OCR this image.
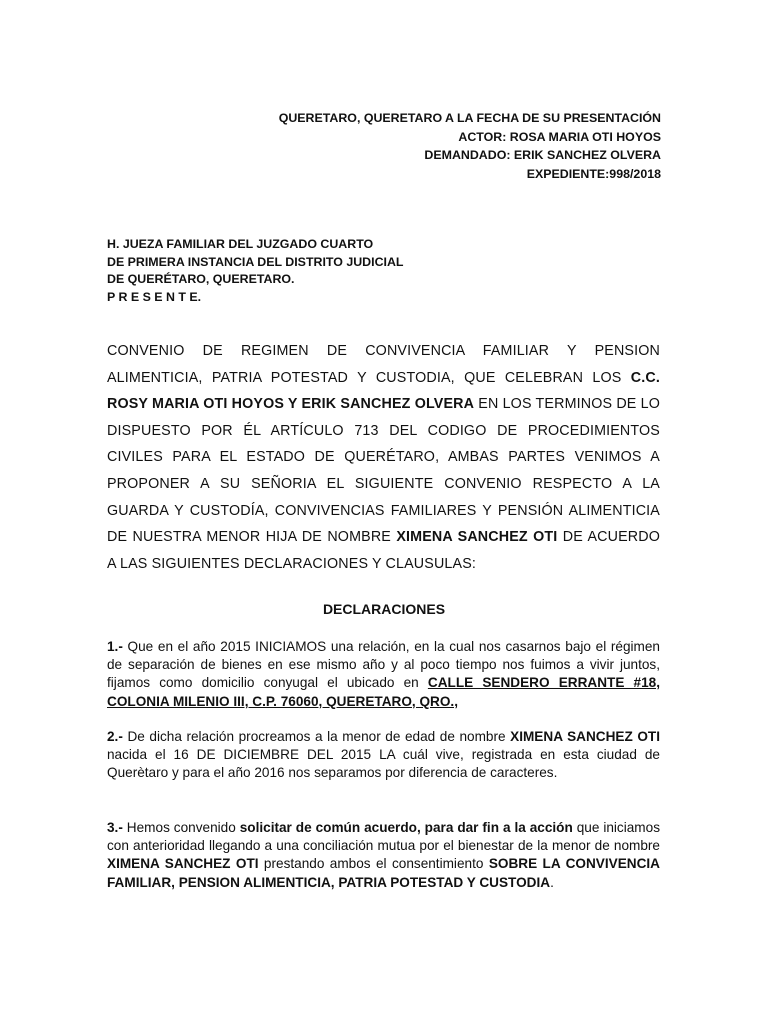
QUERETARO, QUERETARO A LA FECHA DE SU PRESENTACIÓN
ACTOR: ROSA MARIA OTI HOYOS
DEMANDADO: ERIK SANCHEZ OLVERA
EXPEDIENTE:998/2018
H. JUEZA FAMILIAR DEL JUZGADO CUARTO
DE PRIMERA INSTANCIA DEL DISTRITO JUDICIAL
DE QUERÉTARO, QUERETARO.
P R E S E N T E.
CONVENIO DE REGIMEN DE CONVIVENCIA FAMILIAR Y PENSION ALIMENTICIA, PATRIA POTESTAD Y CUSTODIA, QUE CELEBRAN LOS C.C. ROSY MARIA OTI HOYOS Y ERIK SANCHEZ OLVERA EN LOS TERMINOS DE LO DISPUESTO POR ÉL ARTÍCULO 713 DEL CODIGO DE PROCEDIMIENTOS CIVILES PARA EL ESTADO DE QUERÉTARO, AMBAS PARTES VENIMOS A PROPONER A SU SEÑORIA EL SIGUIENTE CONVENIO RESPECTO A LA GUARDA Y CUSTODÍA, CONVIVENCIAS FAMILIARES Y PENSIÓN ALIMENTICIA DE NUESTRA MENOR HIJA DE NOMBRE XIMENA SANCHEZ OTI DE ACUERDO A LAS SIGUIENTES DECLARACIONES Y CLAUSULAS:
DECLARACIONES
1.- Que en el año 2015 INICIAMOS una relación, en la cual nos casarnos bajo el régimen de separación de bienes en ese mismo año y al poco tiempo nos fuimos a vivir juntos, fijamos como domicilio conyugal el ubicado en CALLE SENDERO ERRANTE #18, COLONIA MILENIO III, C.P. 76060, QUERETARO, QRO.,
2.- De dicha relación procreamos a la menor de edad de nombre XIMENA SANCHEZ OTI nacida el 16 DE DICIEMBRE DEL 2015 LA cuál vive, registrada en esta ciudad de Querètaro y para el año 2016 nos separamos por diferencia de caracteres.
3.- Hemos convenido solicitar de común acuerdo, para dar fin a la acción que iniciamos con anterioridad llegando a una conciliación mutua por el bienestar de la menor de nombre XIMENA SANCHEZ OTI prestando ambos el consentimiento SOBRE LA CONVIVENCIA FAMILIAR, PENSION ALIMENTICIA, PATRIA POTESTAD Y CUSTODIA.
